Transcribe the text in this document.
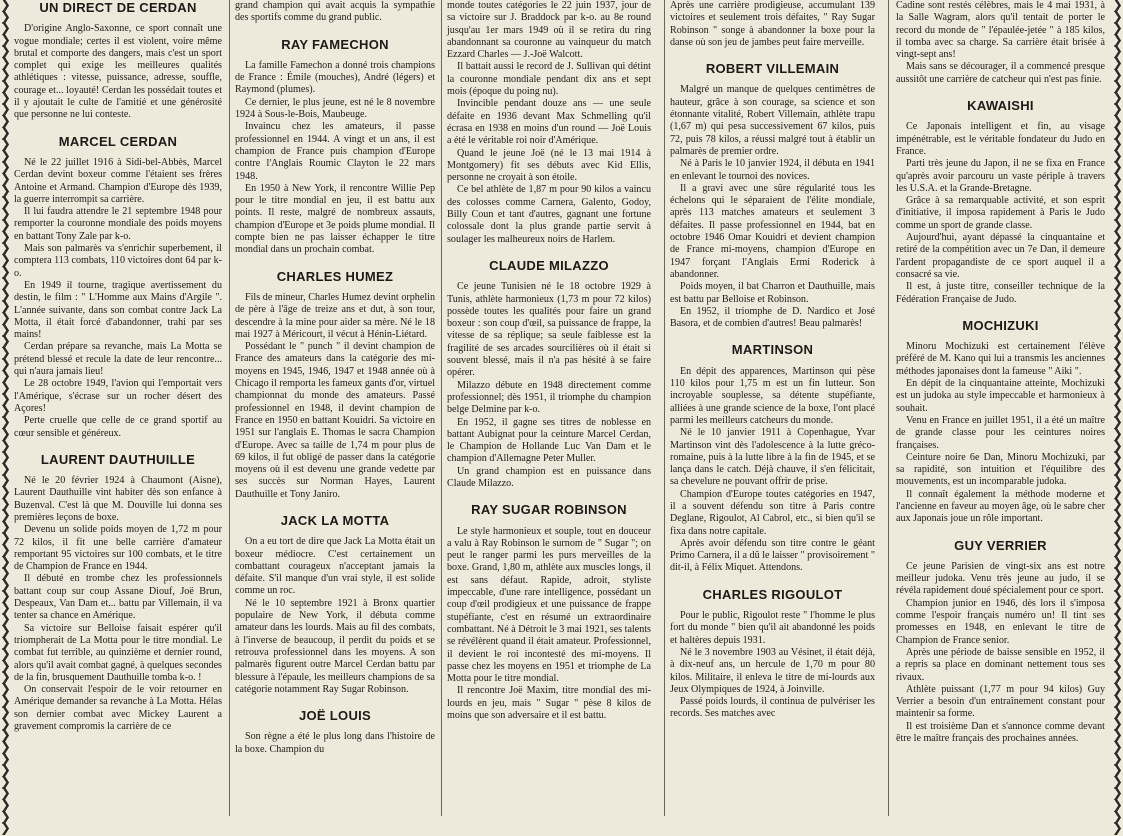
❯
❯
❯
❯
❯
❯
❯
❯
❯
❯
❯
❯
❯
❯
❯
❯
❯
❯
❯
❯
❯
❯
❯
❯
❯
❯
❯
❯
❯
❯
❯
❯
❯
❯
❯
❯
❯
❯
❯
❯
❯
❯
❯
❯
❯
❯
❯
❯
❯
❯
❯
❯
❯
❯
❯
❯
❯
❯
❯
❯
❯
❯
❯
❯
❯
❯
❯
❯
❯
❯
❯
❯
❯
❯
❯
❯
❯
❯
❯
❯
❯
❯
❯
❯
❯
❯
❯
❯
❯
❯
❯
❯
❯
❯
❯
❯
❯
❯
❯
❯
❯
❯
❯
❯
❯
❯
❯
❯
❯
❯
❯
❯
❯
❯
❯
❯
❯
❯
❯
❯
❯
❯
❯
❯
❯
❯
❯
❯
❯
❯
❯
❯
❯
❯
❯
❯
❯
❯
❯
❯
❯
❯
❯
❯
UN DIRECT DE CERDAN

D'origine Anglo-Saxonne, ce sport connaît une vogue mondiale; certes il est violent, voire même brutal et comporte des dangers, mais c'est un sport complet qui exige les meilleures qualités athlétiques : vitesse, puissance, adresse, souffle, courage et... loyauté! Cerdan les possédait toutes et il y ajoutait le culte de l'amitié et une générosité que personne ne lui conteste.

MARCEL CERDAN

Né le 22 juillet 1916 à Sidi-bel-Abbès, Marcel Cerdan devint boxeur comme l'étaient ses frères Antoine et Armand. Champion d'Europe dès 1939, la guerre interrompit sa carrière.

Il lui faudra attendre le 21 septembre 1948 pour remporter la couronne mondiale des poids moyens en battant Tony Zale par k-o.

Mais son palmarès va s'enrichir superbement, il comptera 113 combats, 110 victoires dont 64 par k-o.

En 1949 il tourne, tragique avertissement du destin, le film : " L'Homme aux Mains d'Argile ". L'année suivante, dans son combat contre Jack La Motta, il était forcé d'abandonner, trahi par ses mains!

Cerdan prépare sa revanche, mais La Motta se prétend blessé et recule la date de leur rencontre... qui n'aura jamais lieu!

Le 28 octobre 1949, l'avion qui l'emportait vers l'Amérique, s'écrase sur un rocher désert des Açores!

Perte cruelle que celle de ce grand sportif au cœur sensible et généreux.

LAURENT DAUTHUILLE

Né le 20 février 1924 à Chaumont (Aisne), Laurent Dauthuille vint habiter dès son enfance à Buzenval. C'est là que M. Douville lui donna ses premières leçons de boxe.

Devenu un solide poids moyen de 1,72 m pour 72 kilos, il fit une belle carrière d'amateur remportant 95 victoires sur 100 combats, et le titre de Champion de France en 1944.

Il débuté en trombe chez les professionnels battant coup sur coup Assane Diouf, Joë Brun, Despeaux, Van Dam et... battu par Villemain, il va tenter sa chance en Amérique.

Sa victoire sur Belloise faisait espérer qu'il triompherait de La Motta pour le titre mondial. Le combat fut terrible, au quinzième et dernier round, alors qu'il avait combat gagné, à quelques secondes de la fin, brusquement Dauthuille tomba k-o. !

On conservait l'espoir de le voir retourner en Amérique demander sa revanche à La Motta. Hélas son dernier combat avec Mickey Laurent a gravement compromis la carrière de ce

grand champion qui avait acquis la sympathie des sportifs comme du grand public.

RAY FAMECHON

La famille Famechon a donné trois champions de France : Émile (mouches), André (légers) et Raymond (plumes).

Ce dernier, le plus jeune, est né le 8 novembre 1924 à Sous-le-Bois, Maubeuge.

Invaincu chez les amateurs, il passe professionnel en 1944. A vingt et un ans, il est champion de France puis champion d'Europe contre l'Anglais Roumic Clayton le 22 mars 1948.

En 1950 à New York, il rencontre Willie Pep pour le titre mondial en jeu, il est battu aux points. Il reste, malgré de nombreux assauts, champion d'Europe et 3e poids plume mondial. Il compte bien ne pas laisser échapper le titre mondial dans un prochain combat.

CHARLES HUMEZ

Fils de mineur, Charles Humez devint orphelin de père à l'âge de treize ans et dut, à son tour, descendre à la mine pour aider sa mère. Né le 18 mai 1927 à Méricourt, il vécut à Hénin-Liétard.

Possédant le " punch " il devint champion de France des amateurs dans la catégorie des mi-moyens en 1945, 1946, 1947 et 1948 année où à Chicago il remporta les fameux gants d'or, virtuel championnat du monde des amateurs. Passé professionnel en 1948, il devint champion de France en 1950 en battant Kouidri. Sa victoire en 1951 sur l'anglais E. Thomas le sacra Champion d'Europe. Avec sa taille de 1,74 m pour plus de 69 kilos, il fut obligé de passer dans la catégorie moyens où il est devenu une grande vedette par ses succès sur Norman Hayes, Laurent Dauthuille et Tony Janiro.

JACK LA MOTTA

On a eu tort de dire que Jack La Motta était un boxeur médiocre. C'est certainement un combattant courageux n'acceptant jamais la défaite. S'il manque d'un vrai style, il est solide comme un roc.

Né le 10 septembre 1921 à Bronx quartier populaire de New York, il débuta comme amateur dans les lourds. Mais au fil des combats, à l'inverse de beaucoup, il perdit du poids et se retrouva professionnel dans les moyens. A son palmarès figurent outre Marcel Cerdan battu par blessure à l'épaule, les meilleurs champions de sa catégorie notamment Ray Sugar Robinson.

JOË LOUIS

Son règne a été le plus long dans l'histoire de la boxe. Champion du

monde toutes catégories le 22 juin 1937, jour de sa victoire sur J. Braddock par k-o. au 8e round jusqu'au 1er mars 1949 où il se retira du ring abandonnant sa couronne au vainqueur du match Ezzard Charles — J.-Joë Walcott.

Il battait aussi le record de J. Sullivan qui détint la couronne mondiale pendant dix ans et sept mois (époque du poing nu).

Invincible pendant douze ans — une seule défaite en 1936 devant Max Schmelling qu'il écrasa en 1938 en moins d'un round — Joë Louis a été le véritable roi noir d'Amérique.

Quand le jeune Joë (né le 13 mai 1914 à Montgomery) fit ses débuts avec Kid Ellis, personne ne croyait à son étoile.

Ce bel athlète de 1,87 m pour 90 kilos a vaincu des colosses comme Carnera, Galento, Godoy, Billy Coun et tant d'autres, gagnant une fortune colossale dont la plus grande partie servit à soulager les malheureux noirs de Harlem.

CLAUDE MILAZZO

Ce jeune Tunisien né le 18 octobre 1929 à Tunis, athlète harmonieux (1,73 m pour 72 kilos) possède toutes les qualités pour faire un grand boxeur : son coup d'œil, sa puissance de frappe, la vitesse de sa réplique; sa seule faiblesse est la fragilité de ses arcades sourcilières où il était si souvent blessé, mais il n'a pas hésité à se faire opérer.

Milazzo débute en 1948 directement comme professionnel; dès 1951, il triomphe du champion belge Delmine par k-o.

En 1952, il gagne ses titres de noblesse en battant Aubignat pour la ceinture Marcel Cerdan, le Champion de Hollande Luc Van Dam et le champion d'Allemagne Peter Muller.

Un grand champion est en puissance dans Claude Milazzo.

RAY SUGAR ROBINSON

Le style harmonieux et souple, tout en douceur a valu à Ray Robinson le surnom de " Sugar "; on peut le ranger parmi les purs merveilles de la boxe. Grand, 1,80 m, athlète aux muscles longs, il est sans défaut. Rapide, adroit, styliste impeccable, d'une rare intelligence, possédant un coup d'œil prodigieux et une puissance de frappe stupéfiante, c'est en résumé un extraordinaire combattant. Né à Détroit le 3 mai 1921, ses talents se révélèrent quand il était amateur. Professionnel, il devient le roi incontesté des mi-moyens. Il passe chez les moyens en 1951 et triomphe de La Motta pour le titre mondial.

Il rencontre Joë Maxim, titre mondial des mi-lourds en jeu, mais " Sugar " pèse 8 kilos de moins que son adversaire et il est battu.

Après une carrière prodigieuse, accumulant 139 victoires et seulement trois défaites, " Ray Sugar Robinson " songe à abandonner la boxe pour la danse où son jeu de jambes peut faire merveille.

ROBERT VILLEMAIN

Malgré un manque de quelques centimètres de hauteur, grâce à son courage, sa science et son étonnante vitalité, Robert Villemain, athlète trapu (1,67 m) qui pesa successivement 67 kilos, puis 72, puis 78 kilos, a réussi malgré tout à établir un palmarès de premier ordre.

Né à Paris le 10 janvier 1924, il débuta en 1941 en enlevant le tournoi des novices.

Il a gravi avec une sûre régularité tous les échelons qui le séparaient de l'élite mondiale, après 113 matches amateurs et seulement 3 défaites. Il passe professionnel en 1944, bat en octobre 1946 Omar Kouidri et devient champion de France mi-moyens, champion d'Europe en 1947 forçant l'Anglais Ermi Roderick à abandonner.

Poids moyen, il bat Charron et Dauthuille, mais est battu par Belloise et Robinson.

En 1952, il triomphe de D. Nardico et José Basora, et de combien d'autres! Beau palmarès!

MARTINSON

En dépit des apparences, Martinson qui pèse 110 kilos pour 1,75 m est un fin lutteur. Son incroyable souplesse, sa détente stupéfiante, alliées à une grande science de la boxe, l'ont placé parmi les meilleurs catcheurs du monde.

Né le 10 janvier 1911 à Copenhague, Yvar Martinson vint dès l'adolescence à la lutte gréco-romaine, puis à la lutte libre à la fin de 1945, et se lança dans le catch. Déjà chauve, il s'en félicitait, sa chevelure ne pouvant offrir de prise.

Champion d'Europe toutes catégories en 1947, il a souvent défendu son titre à Paris contre Deglane, Rigoulot, Al Cabrol, etc., si bien qu'il se fixa dans notre capitale.

Après avoir défendu son titre contre le géant Primo Carnera, il a dû le laisser " provisoirement " dit-il, à Félix Miquet. Attendons.

CHARLES RIGOULOT

Pour le public, Rigoulot reste " l'homme le plus fort du monde " bien qu'il ait abandonné les poids et haltères depuis 1931.

Né le 3 novembre 1903 au Vésinet, il était déjà, à dix-neuf ans, un hercule de 1,70 m pour 80 kilos. Militaire, il enleva le titre de mi-lourds aux Jeux Olympiques de 1924, à Joinville.

Passé poids lourds, il continua de pulvériser les records. Ses matches avec

Cadine sont restés célèbres, mais le 4 mai 1931, à la Salle Wagram, alors qu'il tentait de porter le record du monde de " l'épaulée-jetée " à 185 kilos, il tomba avec sa charge. Sa carrière était brisée à vingt-sept ans!

Mais sans se décourager, il a commencé presque aussitôt une carrière de catcheur qui n'est pas finie.

KAWAISHI

Ce Japonais intelligent et fin, au visage impénétrable, est le véritable fondateur du Judo en France.

Parti très jeune du Japon, il ne se fixa en France qu'après avoir parcouru un vaste périple à travers les U.S.A. et la Grande-Bretagne.

Grâce à sa remarquable activité, et son esprit d'initiative, il imposa rapidement à Paris le Judo comme un sport de grande classe.

Aujourd'hui, ayant dépassé la cinquantaine et retiré de la compétition avec un 7e Dan, il demeure l'ardent propagandiste de ce sport auquel il a consacré sa vie.

Il est, à juste titre, conseiller technique de la Fédération Française de Judo.

MOCHIZUKI

Minoru Mochizuki est certainement l'élève préféré de M. Kano qui lui a transmis les anciennes méthodes japonaises dont la fameuse " Aiki ".

En dépit de la cinquantaine atteinte, Mochizuki est un judoka au style impeccable et harmonieux à souhait.

Venu en France en juillet 1951, il a été un maître de grande classe pour les ceintures noires françaises.

Ceinture noire 6e Dan, Minoru Mochizuki, par sa rapidité, son intuition et l'équilibre des mouvements, est un incomparable judoka.

Il connaît également la méthode moderne et l'ancienne en faveur au moyen âge, où le sabre cher aux Japonais joue un rôle important.

GUY VERRIER

Ce jeune Parisien de vingt-six ans est notre meilleur judoka. Venu très jeune au judo, il se révéla rapidement doué spécialement pour ce sport.

Champion junior en 1946, dès lors il s'imposa comme l'espoir français numéro un! Il tint ses promesses en 1948, en enlevant le titre de Champion de France senior.

Après une période de baisse sensible en 1952, il a repris sa place en dominant nettement tous ses rivaux.

Athlète puissant (1,77 m pour 94 kilos) Guy Verrier a besoin d'un entraînement constant pour maintenir sa forme.

Il est troisième Dan et s'annonce comme devant être le maître français des prochaines années.
